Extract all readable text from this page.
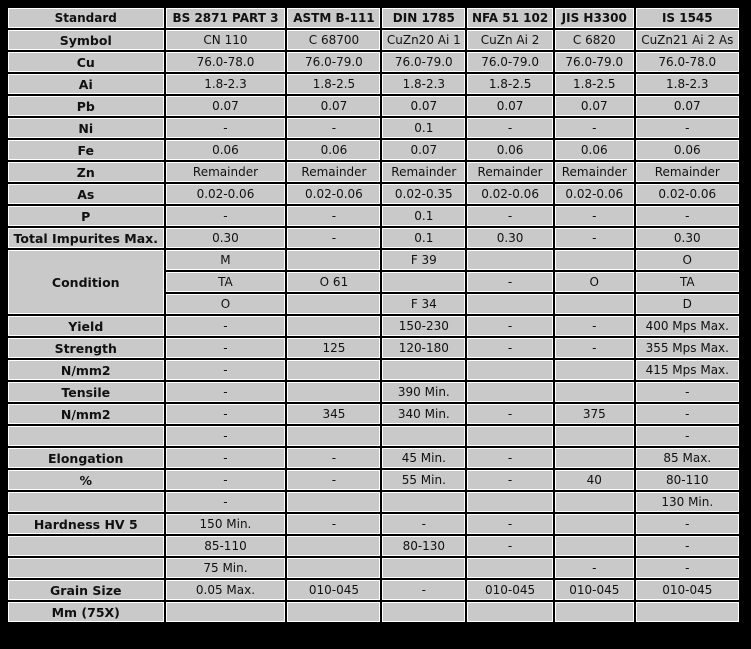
Standard	BS 2871 PART 3	ASTM B-111	DIN 1785	NFA 51 102	JIS H3300	IS 1545
Symbol	CN 110	C 68700	CuZn20 Ai 1	CuZn Ai 2	C 6820	CuZn21 Ai 2 As
Cu	76.0-78.0	76.0-79.0	76.0-79.0	76.0-79.0	76.0-79.0	76.0-78.0
Ai	1.8-2.3	1.8-2.5	1.8-2.3	1.8-2.5	1.8-2.5	1.8-2.3
Pb	0.07	0.07	0.07	0.07	0.07	0.07
Ni	-	-	0.1	-	-	-
Fe	0.06	0.06	0.07	0.06	0.06	0.06
Zn	Remainder	Remainder	Remainder	Remainder	Remainder	Remainder
As	0.02-0.06	0.02-0.06	0.02-0.35	0.02-0.06	0.02-0.06	0.02-0.06
P	-	-	0.1	-	-	-
Total Impurites Max.	0.30	-	0.1	0.30	-	0.30
Condition	M		F 39			O
	TA	O 61		-	O	TA
	O		F 34			D
Yield	-		150-230	-	-	400 Mps Max.
Strength	-	125	120-180	-	-	355 Mps Max.
N/mm2	-					415 Mps Max.
Tensile	-		390 Min.			-
N/mm2	-	345	340 Min.	-	375	-
	-					-
Elongation	-	-	45 Min.	-		85 Max.
%	-	-	55 Min.	-	40	80-110
	-					130 Min.
Hardness HV 5	150 Min.	-	-	-		-
	85-110		80-130	-		-
	75 Min.				-	-
Grain Size	0.05 Max.	010-045	-	010-045	010-045	010-045
Mm (75X)						
